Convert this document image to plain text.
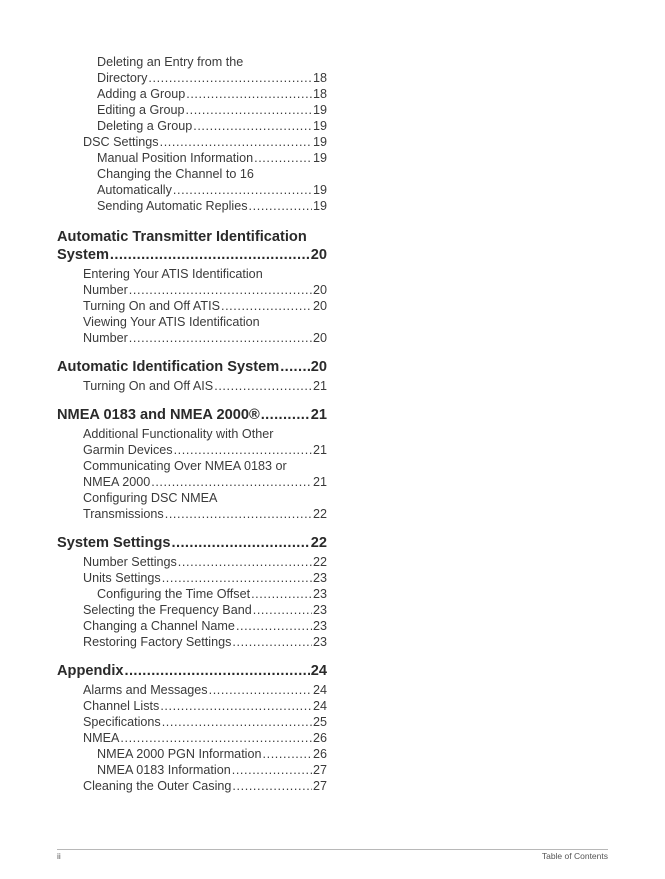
Deleting an Entry from the
Directory .....	18
Adding a Group .....	18
Editing a Group .....	19
Deleting a Group .....	19
DSC Settings .....	19
Manual Position Information .....	19
Changing the Channel to 16
Automatically .....	19
Sending Automatic Replies .....	19
Automatic Transmitter Identification
System .....	20
Entering Your ATIS Identification
Number .....	20
Turning On and Off ATIS .....	20
Viewing Your ATIS Identification
Number .....	20
Automatic Identification System ..... 20
Turning On and Off AIS .....	21
NMEA 0183 and NMEA 2000® .....	21
Additional Functionality with Other
Garmin Devices .....	21
Communicating Over NMEA 0183 or
NMEA 2000 .....	21
Configuring DSC NMEA
Transmissions .....	22
System Settings .....	22
Number Settings .....	22
Units Settings .....	23
Configuring the Time Offset .....	23
Selecting the Frequency Band .....	23
Changing a Channel Name .....	23
Restoring Factory Settings .....	23
Appendix .....	24
Alarms and Messages .....	24
Channel Lists .....	24
Specifications .....	25
NMEA .....	26
NMEA 2000 PGN Information .....	26
NMEA 0183 Information .....	27
Cleaning the Outer Casing .....	27
ii	Table of Contents
